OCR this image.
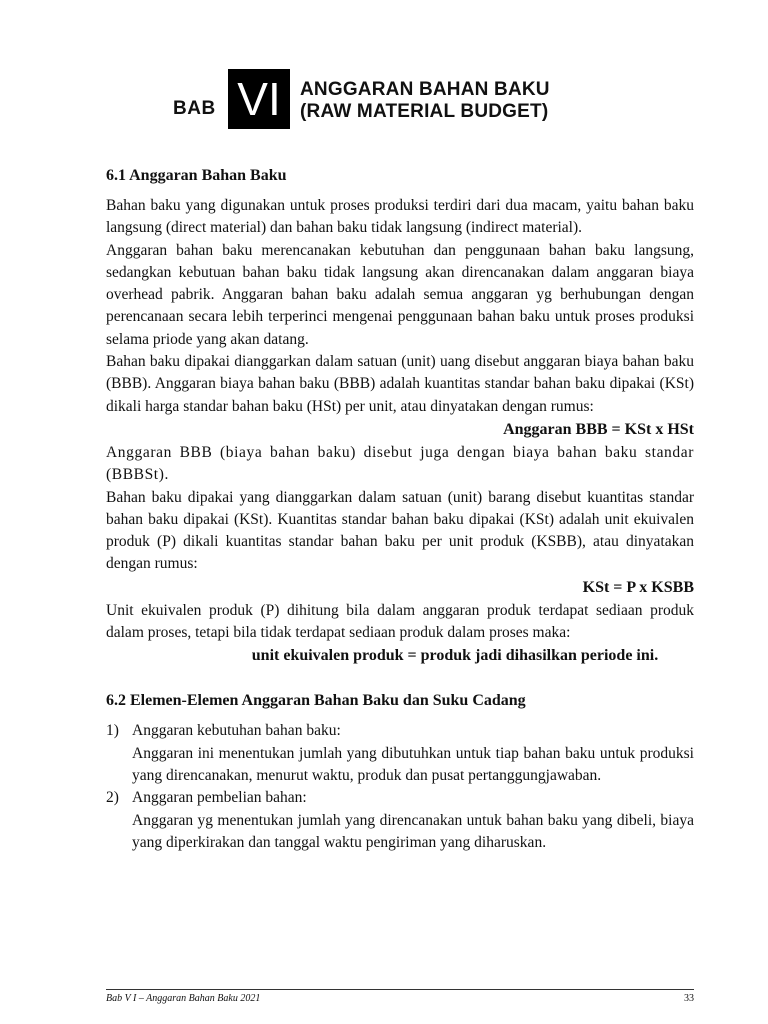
BAB VI	ANGGARAN BAHAN BAKU
(RAW MATERIAL BUDGET)
6.1 Anggaran Bahan Baku

Bahan baku yang digunakan untuk proses produksi terdiri dari dua macam, yaitu bahan baku langsung (direct material) dan bahan baku tidak langsung (indirect material).

Anggaran bahan baku merencanakan kebutuhan dan penggunaan bahan baku langsung, sedangkan kebutuan bahan baku tidak langsung akan direncanakan dalam anggaran biaya overhead pabrik. Anggaran bahan baku adalah semua anggaran yg berhubungan dengan perencanaan secara lebih terperinci mengenai penggunaan bahan baku untuk proses produksi selama priode yang akan datang.

Bahan baku dipakai dianggarkan dalam satuan (unit) uang disebut anggaran biaya bahan baku (BBB). Anggaran biaya bahan baku (BBB) adalah kuantitas standar bahan baku dipakai (KSt) dikali harga standar bahan baku (HSt) per unit, atau dinyatakan dengan rumus:

Anggaran BBB = KSt x HSt

Anggaran BBB (biaya bahan baku) disebut juga dengan biaya bahan baku standar (BBBSt).

Bahan baku dipakai yang dianggarkan dalam satuan (unit) barang disebut kuantitas standar bahan baku dipakai (KSt). Kuantitas standar bahan baku dipakai (KSt) adalah unit ekuivalen produk (P) dikali kuantitas standar bahan baku per unit produk (KSBB), atau dinyatakan dengan rumus:

KSt = P x KSBB

Unit ekuivalen produk (P) dihitung bila dalam anggaran produk terdapat sediaan produk dalam proses, tetapi bila tidak terdapat sediaan produk dalam proses maka:

unit ekuivalen produk = produk jadi dihasilkan periode ini.
6.2 Elemen-Elemen Anggaran Bahan Baku dan Suku Cadang
1) Anggaran kebutuhan bahan baku:
Anggaran ini menentukan jumlah yang dibutuhkan untuk tiap bahan baku untuk produksi yang direncanakan, menurut waktu, produk dan pusat pertanggungjawaban.
2) Anggaran pembelian bahan:
Anggaran yg menentukan jumlah yang direncanakan untuk bahan baku yang dibeli, biaya yang diperkirakan dan tanggal waktu pengiriman yang diharuskan.
Bab V I – Anggaran Bahan Baku 2021	33
